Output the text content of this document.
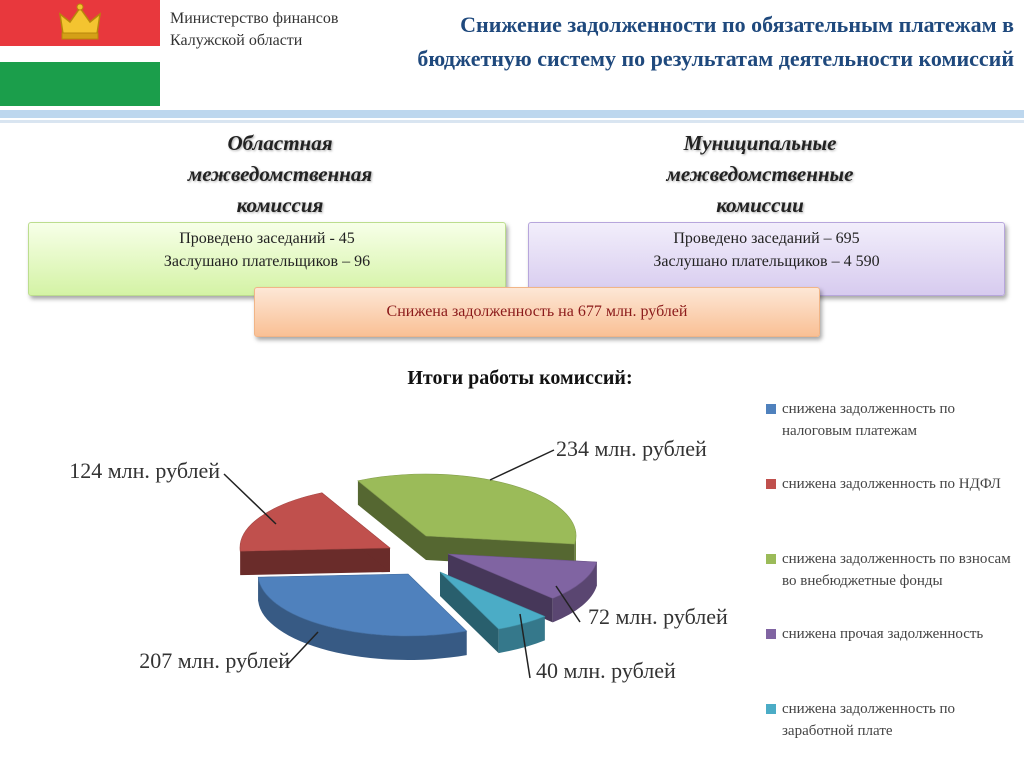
Министерство финансов Калужской области
Снижение задолженности по обязательным платежам в бюджетную систему по результатам деятельности комиссий
Областная межведомственная комиссия
Муниципальные межведомственные комиссии

Проведено заседаний - 45

Заслушано плательщиков – 96

Проведено заседаний – 695

Заслушано плательщиков – 4 590

Снижена задолженность на 677 млн. рублей
Итоги работы комиссий:
207 млн. рублей
124 млн. рублей
234 млн. рублей
72 млн. рублей
40 млн. рублей
снижена задолженность по налоговым платежам
снижена задолженность по НДФЛ
снижена задолженность по взносам во внебюджетные фонды
снижена прочая задолженность
снижена задолженность по заработной плате
